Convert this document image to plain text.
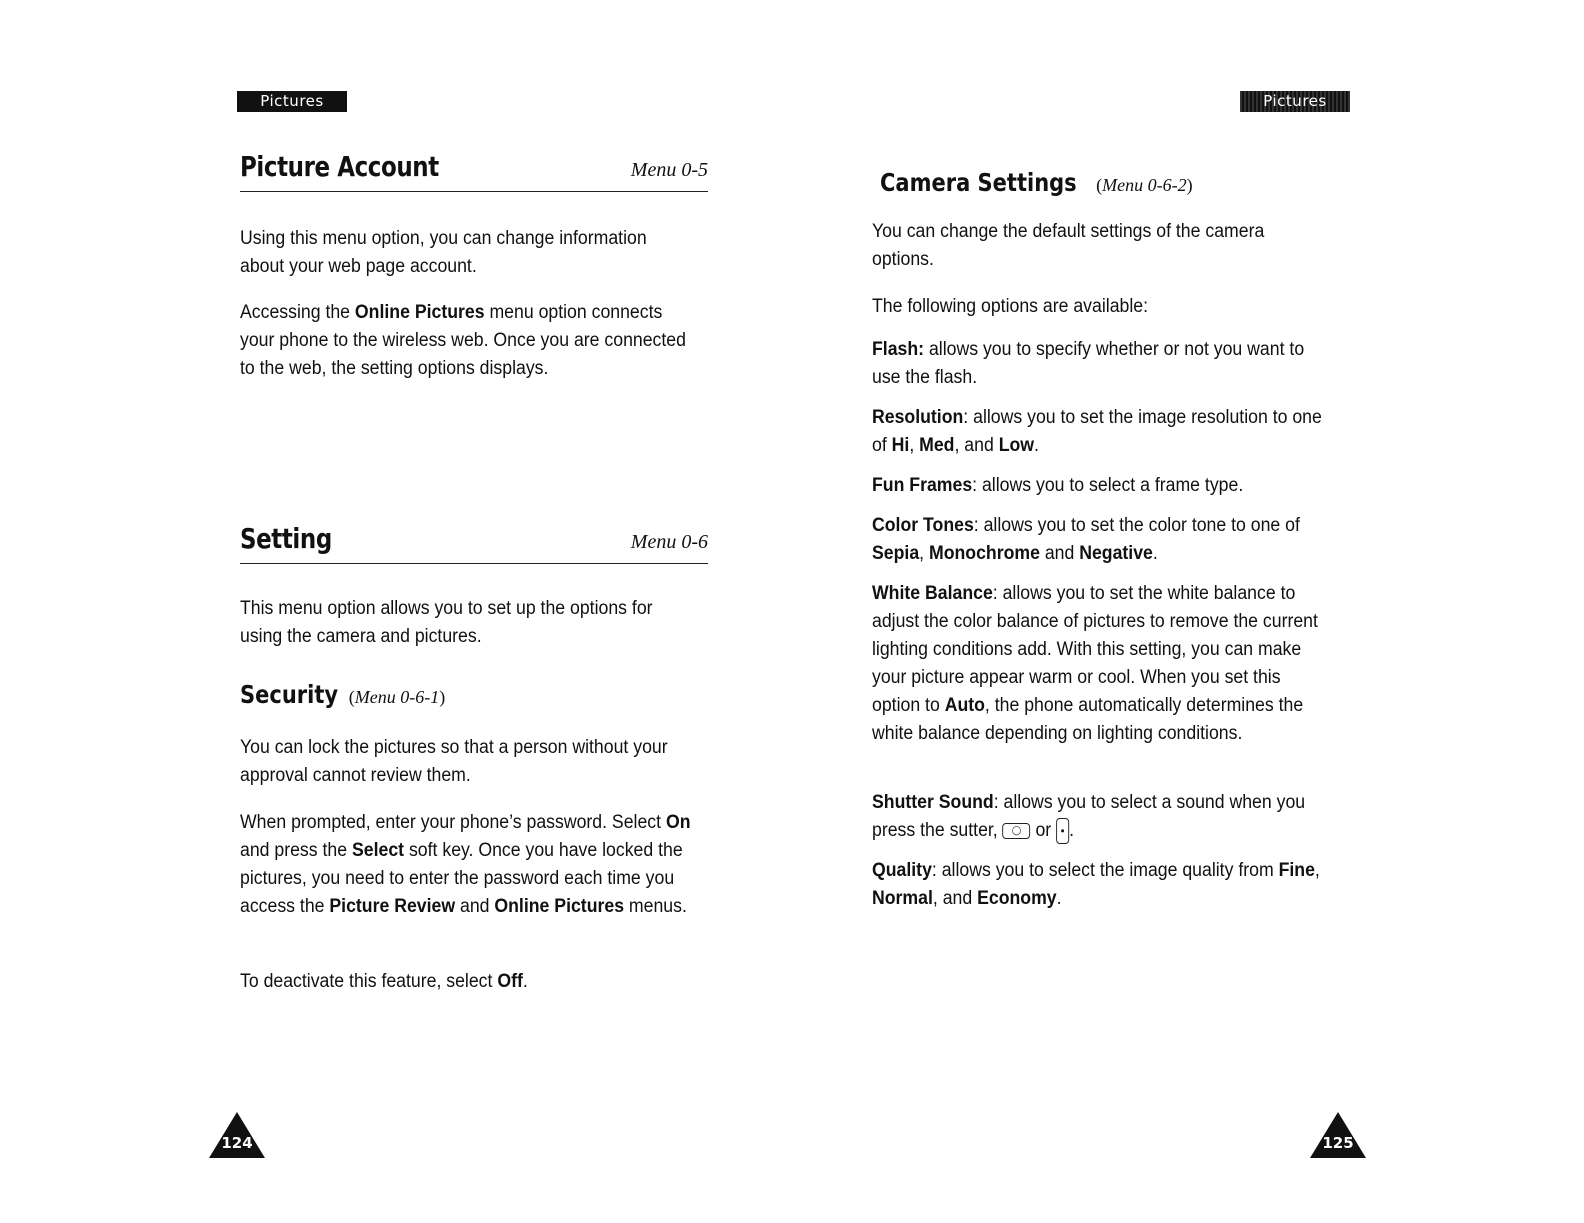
Pictures
Picture Account	Menu 0-5

Using this menu option, you can change information about your web page account.

Accessing the Online Pictures menu option connects your phone to the wireless web. Once you are connected to the web, the setting options displays.

Setting	Menu 0-6

This menu option allows you to set up the options for using the camera and pictures.

Security (Menu 0-6-1)

You can lock the pictures so that a person without your approval cannot review them.

When prompted, enter your phone’s password. Select On and press the Select soft key. Once you have locked the pictures, you need to enter the password each time you access the Picture Review and Online Pictures menus.

To deactivate this feature, select Off.

124
Pictures
Camera Settings (Menu 0-6-2)

You can change the default settings of the camera options.

The following options are available:

Flash: allows you to specify whether or not you want to use the flash.

Resolution: allows you to set the image resolution to one of Hi, Med, and Low.

Fun Frames: allows you to select a frame type.

Color Tones: allows you to set the color tone to one of Sepia, Monochrome and Negative.

White Balance: allows you to set the white balance to adjust the color balance of pictures to remove the current lighting conditions add. With this setting, you can make your picture appear warm or cool. When you set this option to Auto, the phone automatically determines the white balance depending on lighting conditions.

Shutter Sound: allows you to select a sound when you press the sutter, ◯ or • .

Quality: allows you to select the image quality from Fine, Normal, and Economy.

125
